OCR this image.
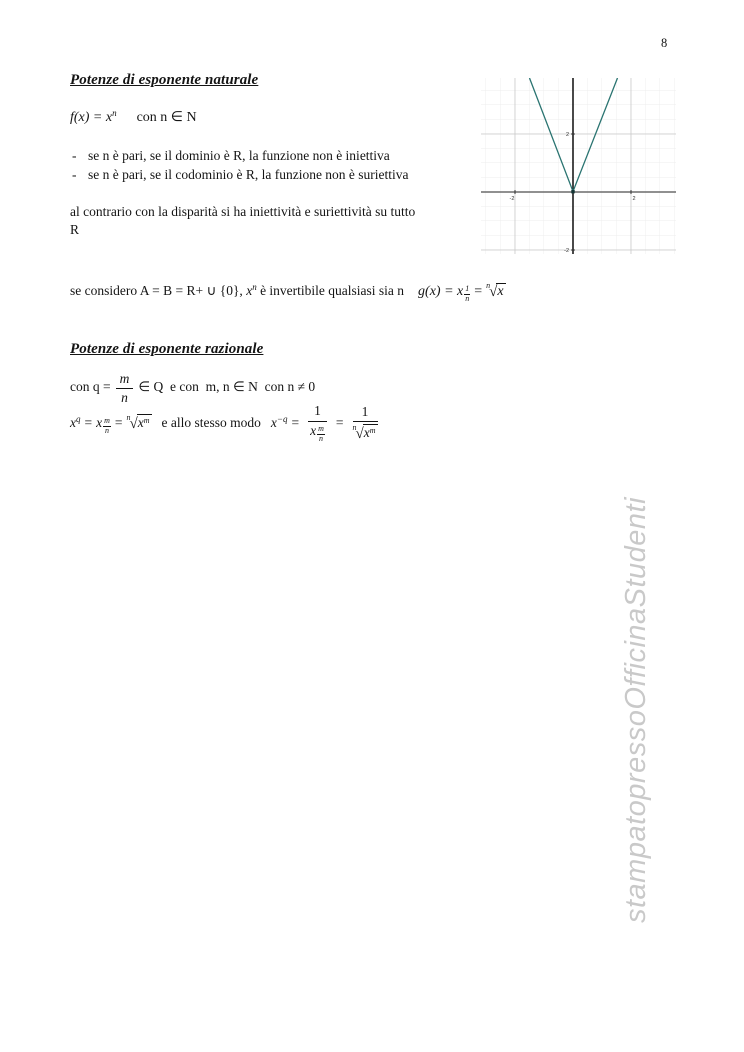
8
Potenze di esponente naturale
$f(x) = x^n$ con n ∈ N
- se n è pari, se il dominio è R, la funzione non è iniettiva
- se n è pari, se il codominio è R, la funzione non è suriettiva
al contrario con la disparità si ha iniettività e suriettività su tutto
R
se considero A = B = R+ ∪ {0}, $x^n$ è invertibile qualsiasi sia n g(x) = x $\frac{1}{n} = ^n√x$
Potenze di esponente razionale
con $q = \frac{m}{n}$ ∈ Q  e con  m, n ∈ N  con n ≠ 0
$x^q = x \frac{m}{n} = ^n√x^m$ e allo stesso modo $x^{-q}$ =
1
x $\frac{m}{n}$
= $\frac{1}{^n√x^m}$
-2	2
2
-2
stampatopressoOfficinaStudenti
